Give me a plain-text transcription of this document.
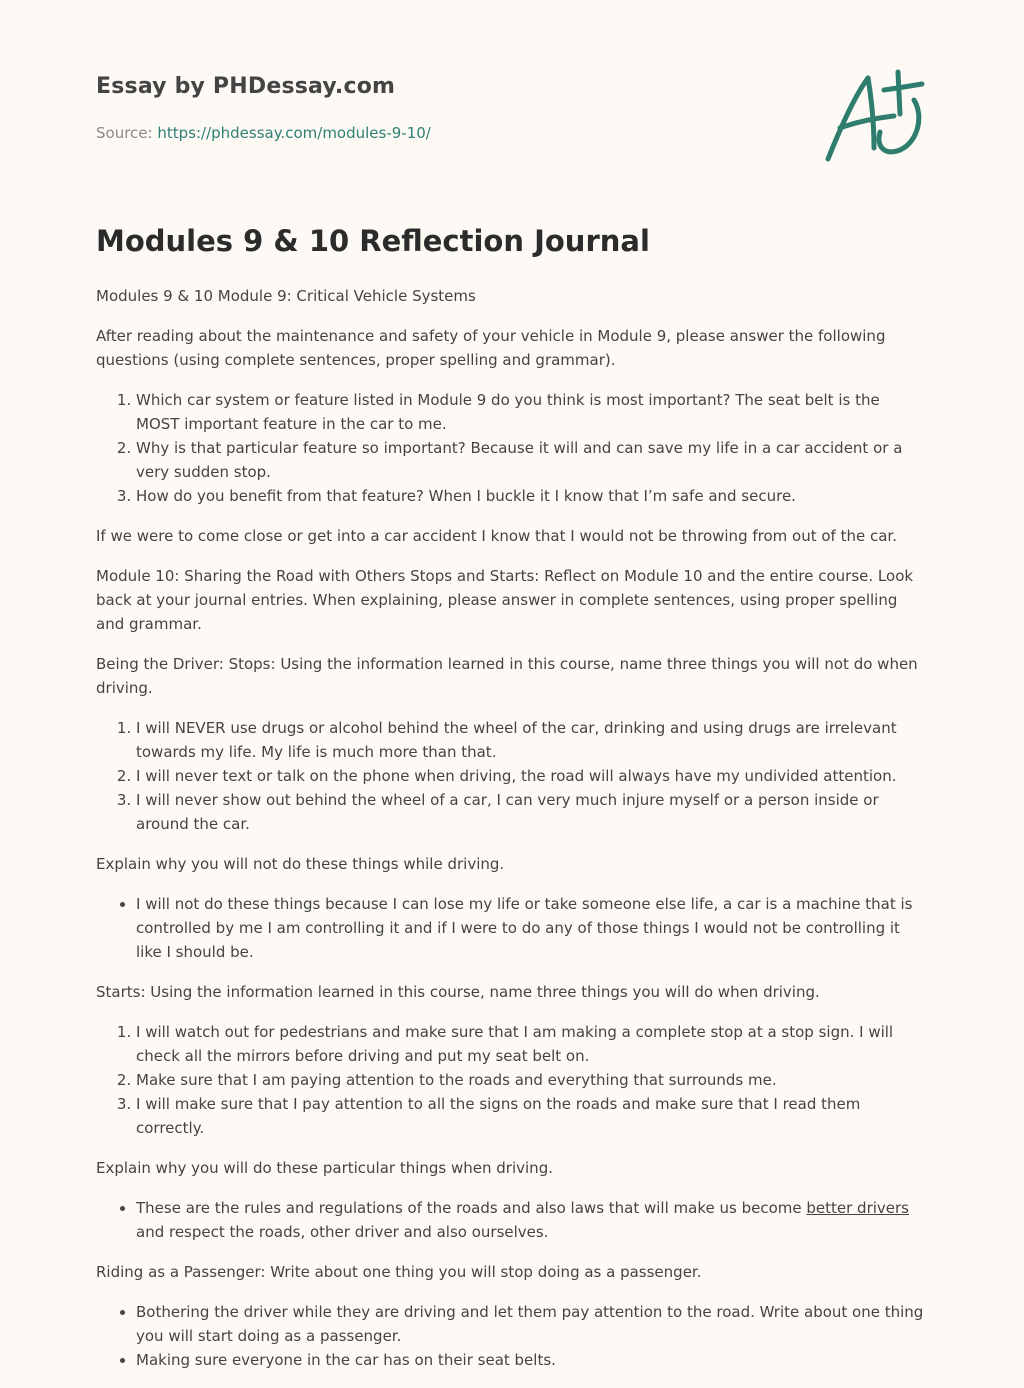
Essay by PHDessay.com
Source: https://phdessay.com/modules-9-10/
Modules 9 & 10 Reflection Journal

Modules 9 & 10 Module 9: Critical Vehicle Systems

After reading about the maintenance and safety of your vehicle in Module 9, please answer the following questions (using complete sentences, proper spelling and grammar).

1. Which car system or feature listed in Module 9 do you think is most important? The seat belt is the MOST important feature in the car to me.
2. Why is that particular feature so important? Because it will and can save my life in a car accident or a very sudden stop.
3. How do you benefit from that feature? When I buckle it I know that I’m safe and secure.

If we were to come close or get into a car accident I know that I would not be throwing from out of the car.

Module 10: Sharing the Road with Others Stops and Starts: Reflect on Module 10 and the entire course. Look back at your journal entries. When explaining, please answer in complete sentences, using proper spelling and grammar.

Being the Driver: Stops: Using the information learned in this course, name three things you will not do when driving.

1. I will NEVER use drugs or alcohol behind the wheel of the car, drinking and using drugs are irrelevant towards my life. My life is much more than that.
2. I will never text or talk on the phone when driving, the road will always have my undivided attention.
3. I will never show out behind the wheel of a car, I can very much injure myself or a person inside or around the car.

Explain why you will not do these things while driving.

• I will not do these things because I can lose my life or take someone else life, a car is a machine that is controlled by me I am controlling it and if I were to do any of those things I would not be controlling it like I should be.

Starts: Using the information learned in this course, name three things you will do when driving.

1. I will watch out for pedestrians and make sure that I am making a complete stop at a stop sign. I will check all the mirrors before driving and put my seat belt on.
2. Make sure that I am paying attention to the roads and everything that surrounds me.
3. I will make sure that I pay attention to all the signs on the roads and make sure that I read them correctly.

Explain why you will do these particular things when driving.

• These are the rules and regulations of the roads and also laws that will make us become better drivers and respect the roads, other driver and also ourselves.

Riding as a Passenger: Write about one thing you will stop doing as a passenger.

• Bothering the driver while they are driving and let them pay attention to the road. Write about one thing you will start doing as a passenger.
• Making sure everyone in the car has on their seat belts.
